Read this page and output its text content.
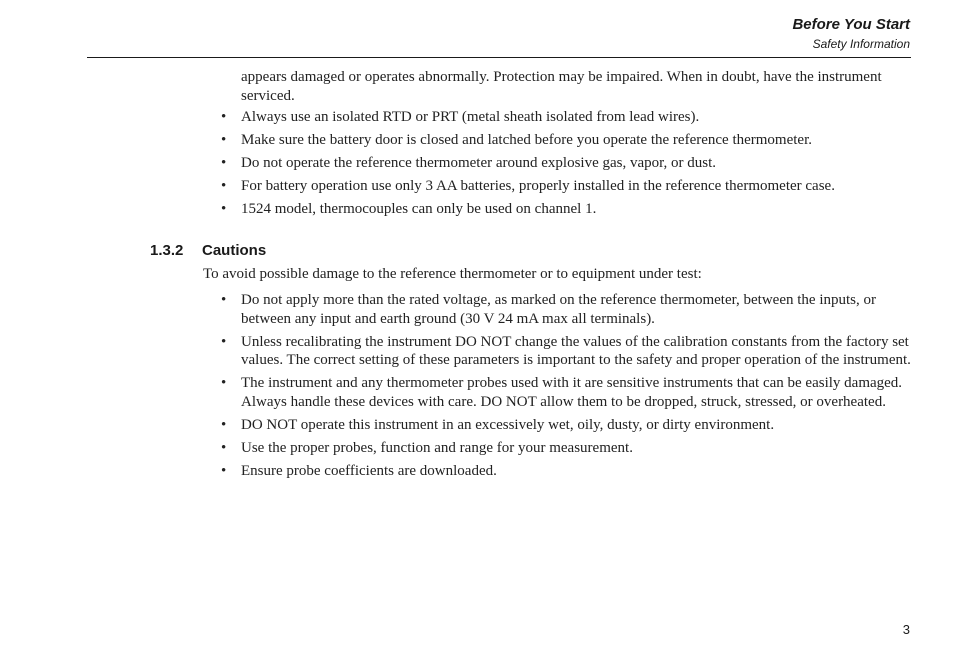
Before You Start
Safety Information
appears damaged or operates abnormally. Protection may be impaired. When in doubt, have the instrument serviced.
• Always use an isolated RTD or PRT (metal sheath isolated from lead wires).
• Make sure the battery door is closed and latched before you operate the reference thermometer.
• Do not operate the reference thermometer around explosive gas, vapor, or dust.
• For battery operation use only 3 AA batteries, properly installed in the reference thermometer case.
• 1524 model, thermocouples can only be used on channel 1.
1.3.2 Cautions
To avoid possible damage to the reference thermometer or to equipment under test:
• Do not apply more than the rated voltage, as marked on the reference thermometer, between the inputs, or between any input and earth ground (30 V 24 mA max all terminals).
• Unless recalibrating the instrument DO NOT change the values of the calibration constants from the factory set values. The correct setting of these parameters is important to the safety and proper operation of the instrument.
• The instrument and any thermometer probes used with it are sensitive instruments that can be easily damaged. Always handle these devices with care. DO NOT allow them to be dropped, struck, stressed, or overheated.
• DO NOT operate this instrument in an excessively wet, oily, dusty, or dirty environment.
• Use the proper probes, function and range for your measurement.
• Ensure probe coefficients are downloaded.
3
